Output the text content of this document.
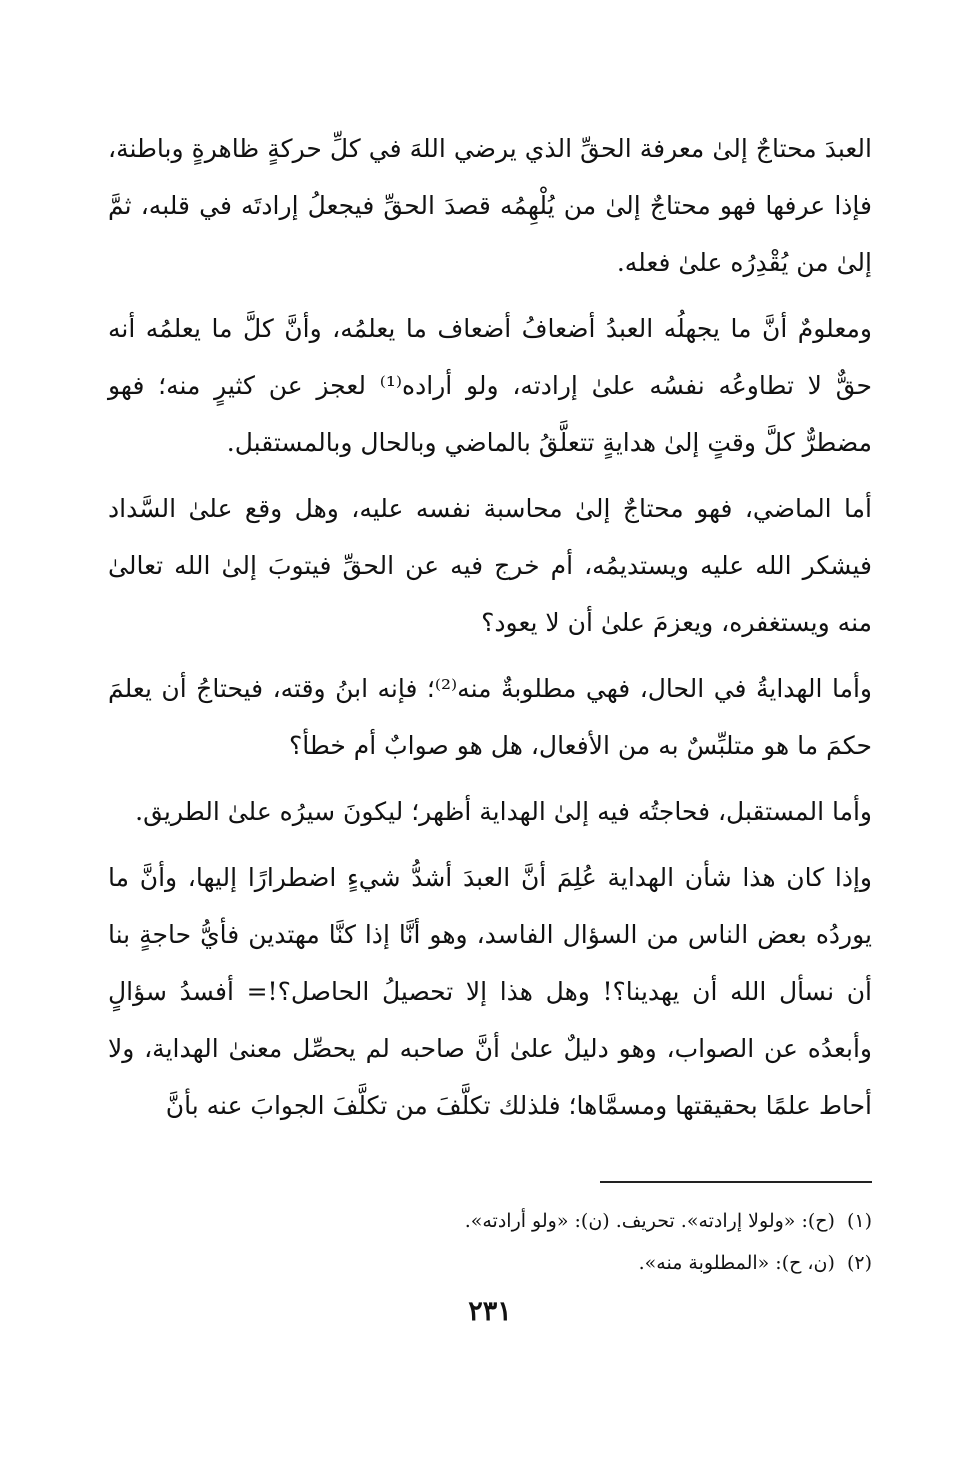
العبدَ محتاجٌ إلىٰ معرفة الحقِّ الذي يرضي اللهَ في كلِّ حركةٍ ظاهرةٍ وباطنة، فإذا عرفها فهو محتاجٌ إلىٰ من يُلْهِمُه قصدَ الحقِّ فيجعلُ إرادتَه في قلبه، ثمَّ إلىٰ من يُقْدِرُه علىٰ فعله.

ومعلومٌ أنَّ ما يجهلُه العبدُ أضعافُ أضعاف ما يعلمُه، وأنَّ كلَّ ما يعلمُه أنه حقٌّ لا تطاوعُه نفسُه علىٰ إرادته، ولو أراده⁽¹⁾ لعجز عن كثيرٍ منه؛ فهو مضطرٌّ كلَّ وقتٍ إلىٰ هدايةٍ تتعلَّقُ بالماضي وبالحال وبالمستقبل.

أما الماضي، فهو محتاجٌ إلىٰ محاسبة نفسه عليه، وهل وقع علىٰ السَّداد فيشكر الله عليه ويستديمُه، أم خرج فيه عن الحقِّ فيتوبَ إلىٰ الله تعالىٰ منه ويستغفره، ويعزمَ علىٰ أن لا يعود؟

وأما الهدايةُ في الحال، فهي مطلوبةٌ منه⁽²⁾؛ فإنه ابنُ وقته، فيحتاجُ أن يعلمَ حكمَ ما هو متلبِّسٌ به من الأفعال، هل هو صوابٌ أم خطأ؟

وأما المستقبل، فحاجتُه فيه إلىٰ الهداية أظهر؛ ليكونَ سيرُه علىٰ الطريق.

وإذا كان هذا شأن الهداية عُلِمَ أنَّ العبدَ أشدُّ شيءٍ اضطرارًا إليها، وأنَّ ما يوردُه بعض الناس من السؤال الفاسد، وهو أنَّا إذا كنَّا مهتدين فأيُّ حاجةٍ بنا أن نسأل الله أن يهدينا؟! وهل هذا إلا تحصيلُ الحاصل؟!= أفسدُ سؤالٍ وأبعدُه عن الصواب، وهو دليلٌ علىٰ أنَّ صاحبه لم يحصِّل معنىٰ الهداية، ولا أحاط علمًا بحقيقتها ومسمَّاها؛ فلذلك تكلَّفَ من تكلَّفَ الجوابَ عنه بأنَّ

(١)(ح): «ولولا إرادته». تحريف. (ن): «ولو أرادته».

(٢)(ن، ح): «المطلوبة منه».

٢٣١
